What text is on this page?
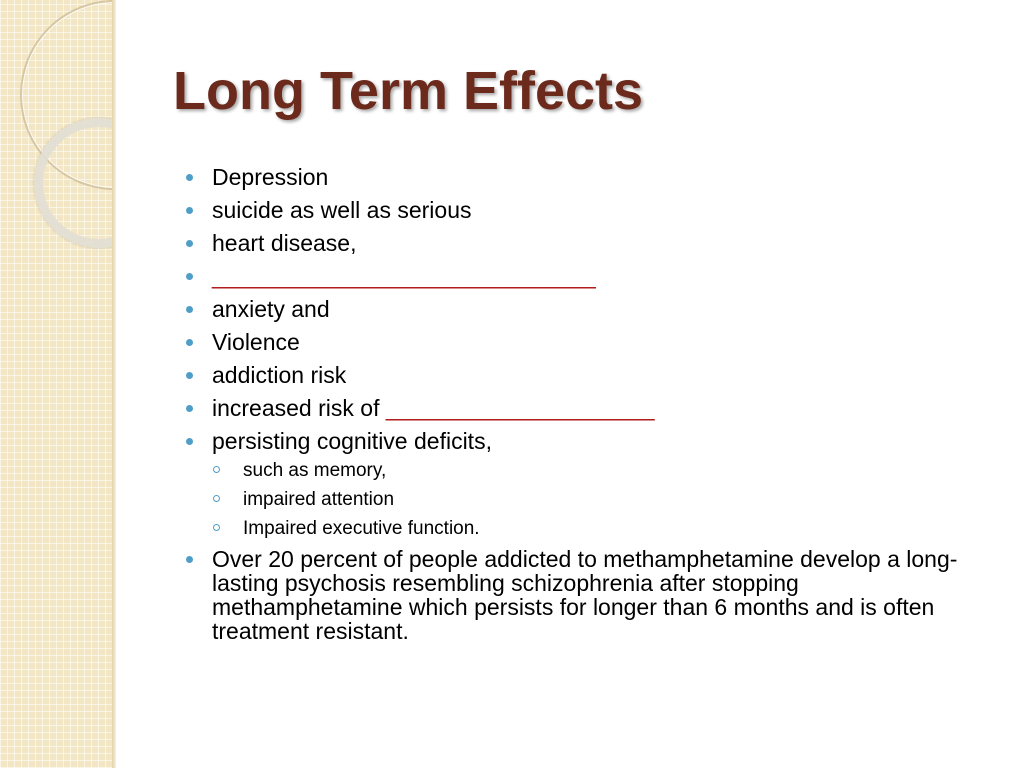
Long Term Effects
Depression
suicide as well as serious
heart disease,
______________________________
anxiety and
Violence
addiction risk
increased risk of _____________________
persisting cognitive deficits,
such as memory,
impaired attention
Impaired executive function.
Over 20 percent of people addicted to methamphetamine develop a long-lasting psychosis resembling schizophrenia after stopping methamphetamine which persists for longer than 6 months and is often treatment resistant.
